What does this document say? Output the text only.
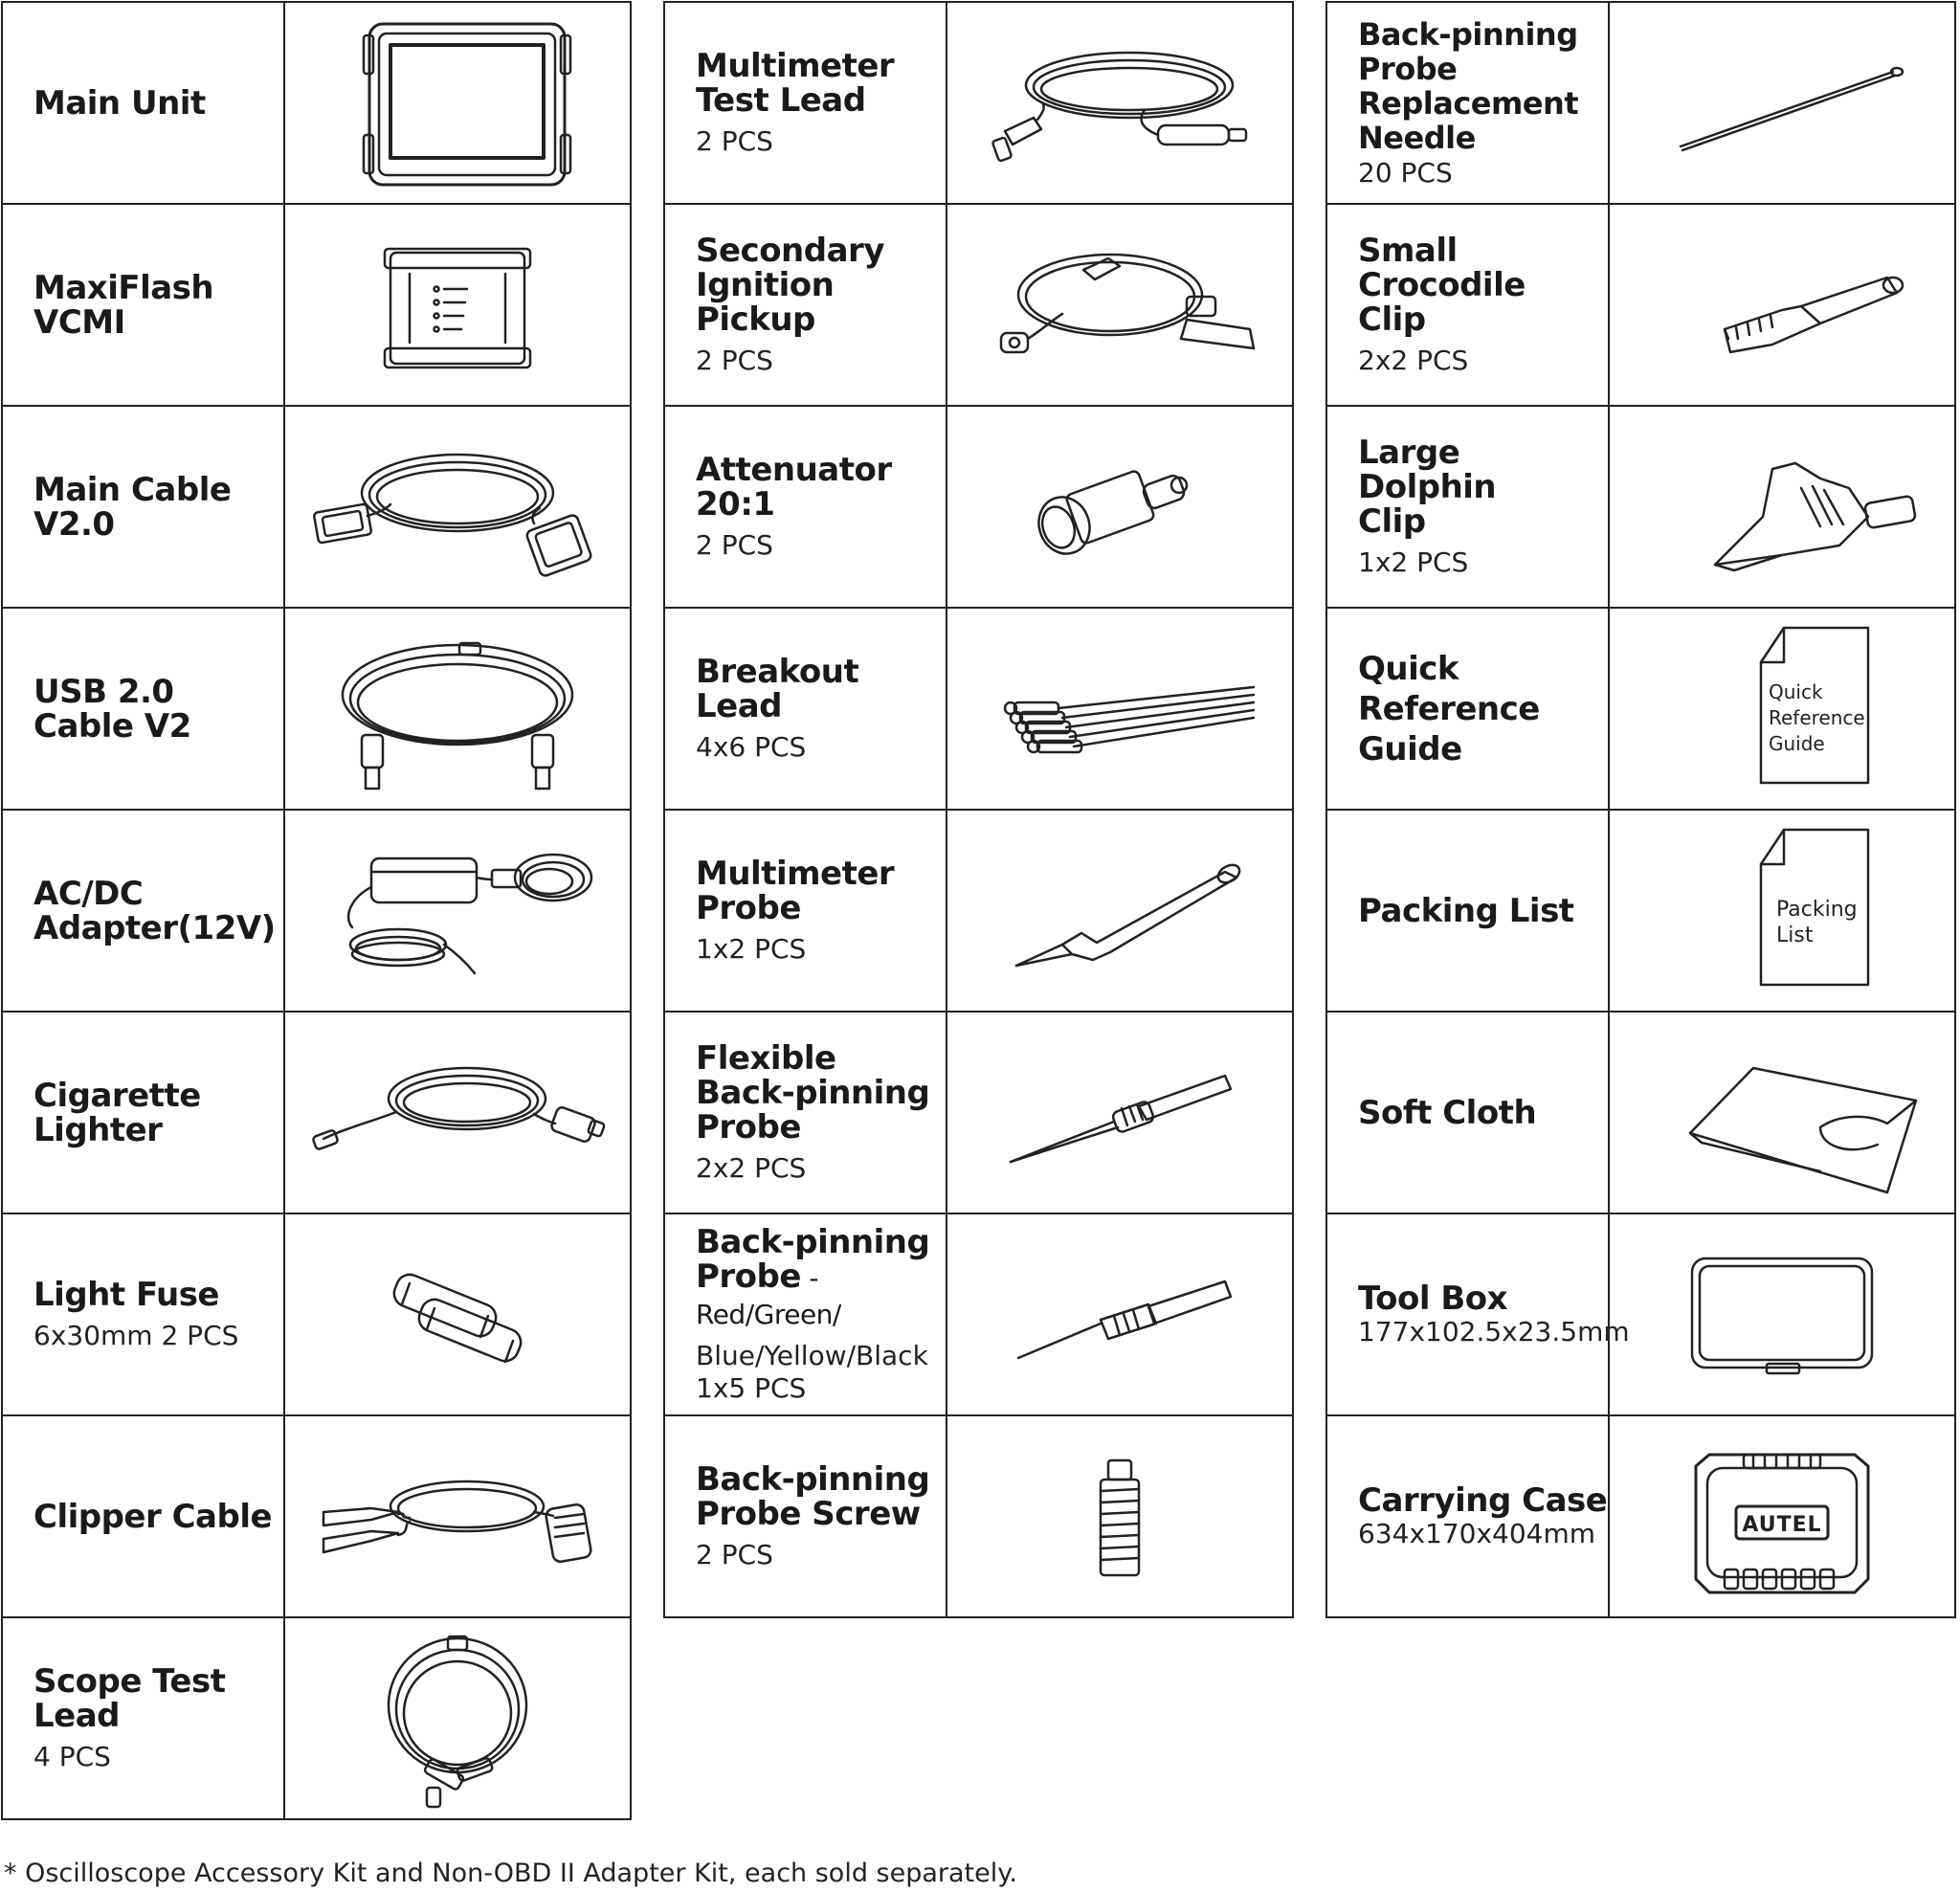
Main Unit
MaxiFlash VCMI
Main Cable V2.0
USB 2.0
Cable V2
AC/DC
Adapter(12V)
Cigarette Lighter
Light Fuse
6x30mm 2 PCS
Clipper Cable
Scope Test Lead
4 PCS
Multimeter
Test Lead
2 PCS
Secondary
Ignition Pickup
2 PCS
Attenuator 20:1
2 PCS
Breakout Lead
4x6 PCS
Multimeter
Probe
1x2 PCS
Flexible
Back-pinning
Probe
2x2 PCS
Back-pinning
Probe - Red/Green/
Blue/Yellow/Black
1x5 PCS
Back-pinning
Probe Screw
2 PCS
Back-pinning
Probe
Replacement
Needle
20 PCS
Small Crocodile
Clip
2x2 PCS
Large Dolphin
Clip
1x2 PCS
Quick Reference
Guide
Quick
Reference
Guide
Packing List	Packing
List
Soft Cloth
Tool Box
177x102.5x23.5mm
Carrying Case
634x170x404mm	AUTEL
* Oscilloscope Accessory Kit and Non-OBD II Adapter Kit, each sold separately.
